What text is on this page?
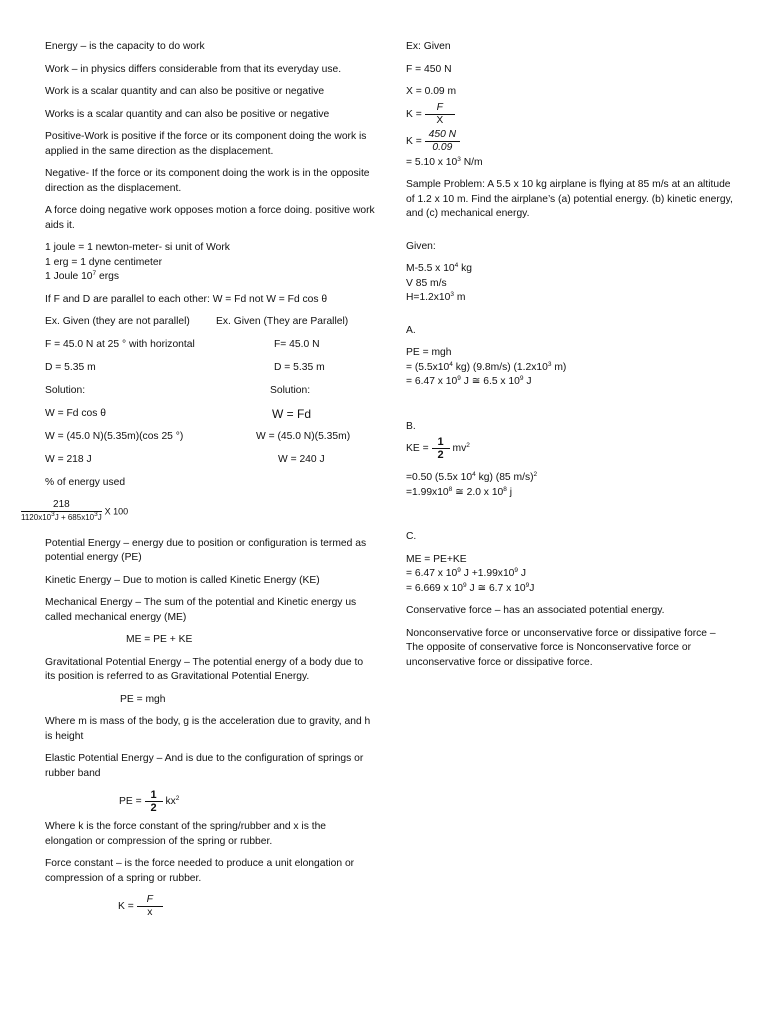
Energy – is the capacity to do work

Work – in physics differs considerable from that its everyday use.

Work is a scalar quantity and can also be positive or negative

Works is a scalar quantity and can also be positive or negative

Positive-Work is positive if the force or its component doing the work is applied in the same direction as the displacement.

Negative- If the force or its component doing the work is in the opposite direction as the displacement.

A force doing negative work opposes motion a force doing. positive work aids it.

1 joule = 1 newton-meter- si unit of Work

1 erg = 1 dyne centimeter

1 Joule $10^7$ ergs

If F and D are parallel to each other: W = Fd not W = Fd cos θ

Ex. Given (they are not parallel)	Ex. Given (They are Parallel)
F = 45.0 N at 25 ° with horizontal	F= 45.0 N
D = 5.35 m	D = 5.35 m
Solution:	Solution:
W = Fd cos θ	W = Fd
W = (45.0 N)(5.35m)(cos 25 °)	W = (45.0 N)(5.35m)
W = 218 J	W = 240 J

% of energy used

$\frac{218}{1120x10^3J + 685x10^3J}$ X 100

Potential Energy – energy due to position or configuration is termed as potential energy (PE)

Kinetic Energy – Due to motion is called Kinetic Energy (KE)

Mechanical Energy – The sum of the potential and Kinetic energy us called mechanical energy (ME)

ME = PE + KE

Gravitational Potential Energy – The potential energy of a body due to its position is referred to as Gravitational Potential Energy.

PE = mgh

Where m is mass of the body, g is the acceleration due to gravity, and h is height

Elastic Potential Energy – And is due to the configuration of springs or rubber band

PE = $\frac{1}{2} kx^2$

Where k is the force constant of the spring/rubber and x is the elongation or compression of the spring or rubber.

Force constant – is the force needed to produce a unit elongation or compression of a spring or rubber.

$K = \frac{F}{x}$

Ex: Given

F = 450 N

X = 0.09 m

$K = \frac{F}{X}$
$K = \frac{450 N}{0.09}$

= 5.10 x $10^3$ N/m

Sample Problem: A 5.5 x 10 kg airplane is flying at 85 m/s at an altitude of 1.2 x 10 m. Find the airplane’s (a) potential energy. (b) kinetic energy, and (c) mechanical energy.

Given:

M-5.5 x $10^4$ kg

V 85 m/s

$H=1.2x10^3$ m

A.

PE = mgh

= ($5.5x10^4$ kg) (9.8m/s) ($1.2x10^3$ m)

= 6.47 x $10^9$ J ≅ 6.5 x $10^9$ J

B.

KE = $\frac{1}{2} mv^2$

=0.50 (5.5x $10^4$ kg) (85 m/s)$^2$

$=1.99x10^8$ ≅ 2.0 x $10^8$ j

C.

ME = PE+KE

= 6.47 x $10^9$ $J +1.99x10^9$ J

= 6.669 x $10^9$ J ≅ 6.7 x $10^9J$

Conservative force – has an associated potential energy.

Nonconservative force or unconservative force or dissipative force – The opposite of conservative force is Nonconservative force or unconservative force or dissipative force.
